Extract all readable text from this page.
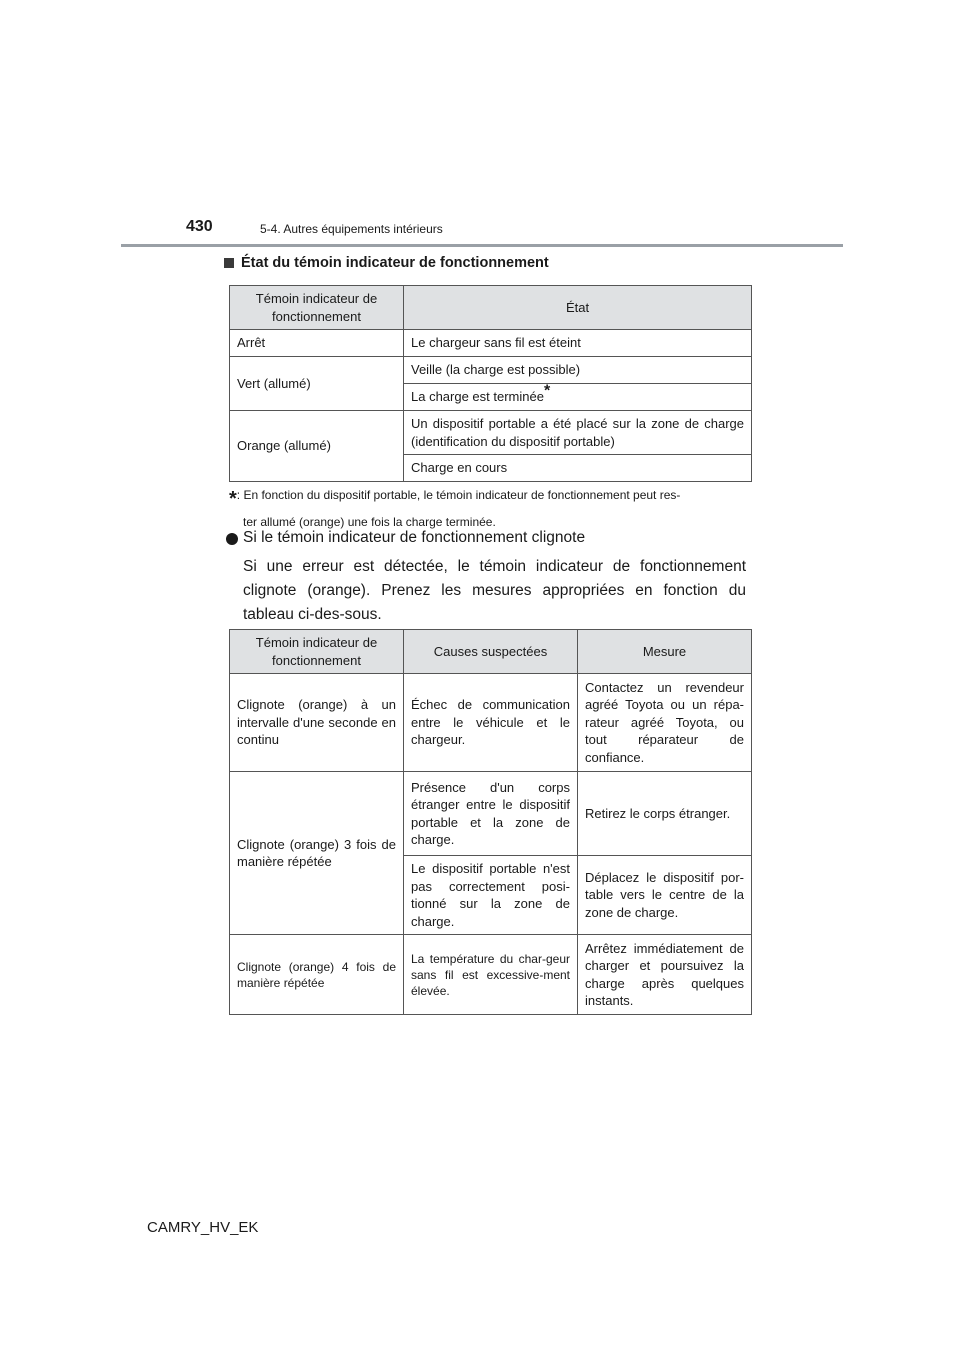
430	5-4. Autres équipements intérieurs
État du témoin indicateur de fonctionnement
Témoin indicateur de fonctionnement	État
Arrêt	Le chargeur sans fil est éteint
Vert (allumé)	Veille (la charge est possible)
	La charge est terminée*
Orange (allumé)	Un dispositif portable a été placé sur la zone de charge (identification du dispositif portable)
	Charge en cours
*: En fonction du dispositif portable, le témoin indicateur de fonctionnement peut res-
ter allumé (orange) une fois la charge terminée.
Si le témoin indicateur de fonctionnement clignote
Si une erreur est détectée, le témoin indicateur de fonctionnement clignote (orange). Prenez les mesures appropriées en fonction du tableau ci-des-sous.
Témoin indicateur de fonctionnement	Causes suspectées	Mesure
Clignote (orange) à un intervalle d'une seconde en continu	Échec de communication entre le véhicule et le chargeur.	Contactez un revendeur agréé Toyota ou un répa-rateur agréé Toyota, ou tout réparateur de confiance.
Clignote (orange) 3 fois de manière répétée	Présence d'un corps étranger entre le dispositif portable et la zone de charge.	Retirez le corps étranger.
	Le dispositif portable n'est pas correctement posi-tionné sur la zone de charge.	Déplacez le dispositif por-table vers le centre de la zone de charge.
Clignote (orange) 4 fois de manière répétée	La température du char-geur sans fil est excessive-ment élevée.	Arrêtez immédiatement de charger et poursuivez la charge après quelques instants.
CAMRY_HV_EK
